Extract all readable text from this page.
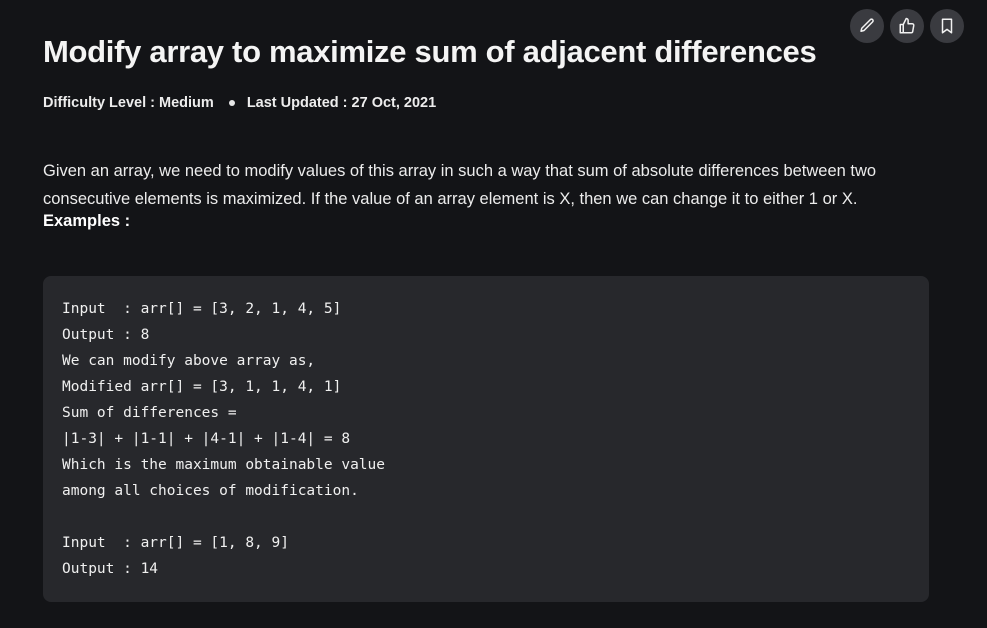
Modify array to maximize sum of adjacent differences
Difficulty Level : Medium Last Updated : 27 Oct, 2021

Given an array, we need to modify values of this array in such a way that sum of absolute differences between two consecutive elements is maximized. If the value of an array element is X, then we can change it to either 1 or X.

Examples :
Input  : arr[] = [3, 2, 1, 4, 5]
Output : 8
We can modify above array as,
Modified arr[] = [3, 1, 1, 4, 1]
Sum of differences =
|1-3| + |1-1| + |4-1| + |1-4| = 8
Which is the maximum obtainable value
among all choices of modification.
Input  : arr[] = [1, 8, 9]
Output : 14
